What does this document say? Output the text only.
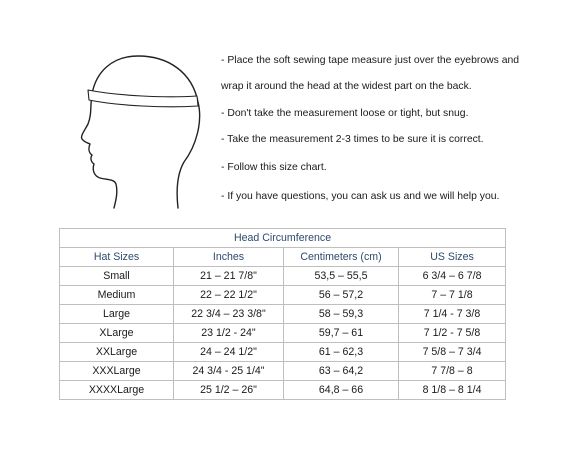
- Place the soft sewing tape measure just over the eyebrows and
wrap it around the head at the widest part on the back.
- Don't take the measurement loose or tight, but snug.
- Take the measurement 2-3 times to be sure it is correct.
- Follow this size chart.
- If you have questions, you can ask us and we will help you.
Head Circumference			
Hat Sizes	Inches	Centimeters (cm)	US Sizes
Small	21 – 21 7/8"	53,5 – 55,5	6 3/4 – 6 7/8
Medium	22 – 22 1/2"	56 – 57,2	7 – 7 1/8
Large	22 3/4 – 23 3/8"	58 – 59,3	7 1/4 - 7 3/8
XLarge	23 1/2 - 24"	59,7 – 61	7 1/2 - 7 5/8
XXLarge	24 – 24 1/2"	61 – 62,3	7 5/8 – 7 3/4
XXXLarge	24 3/4 - 25 1/4"	63 – 64,2	7 7/8 – 8
XXXXLarge	25 1/2 – 26"	64,8 – 66	8 1/8 – 8 1/4
